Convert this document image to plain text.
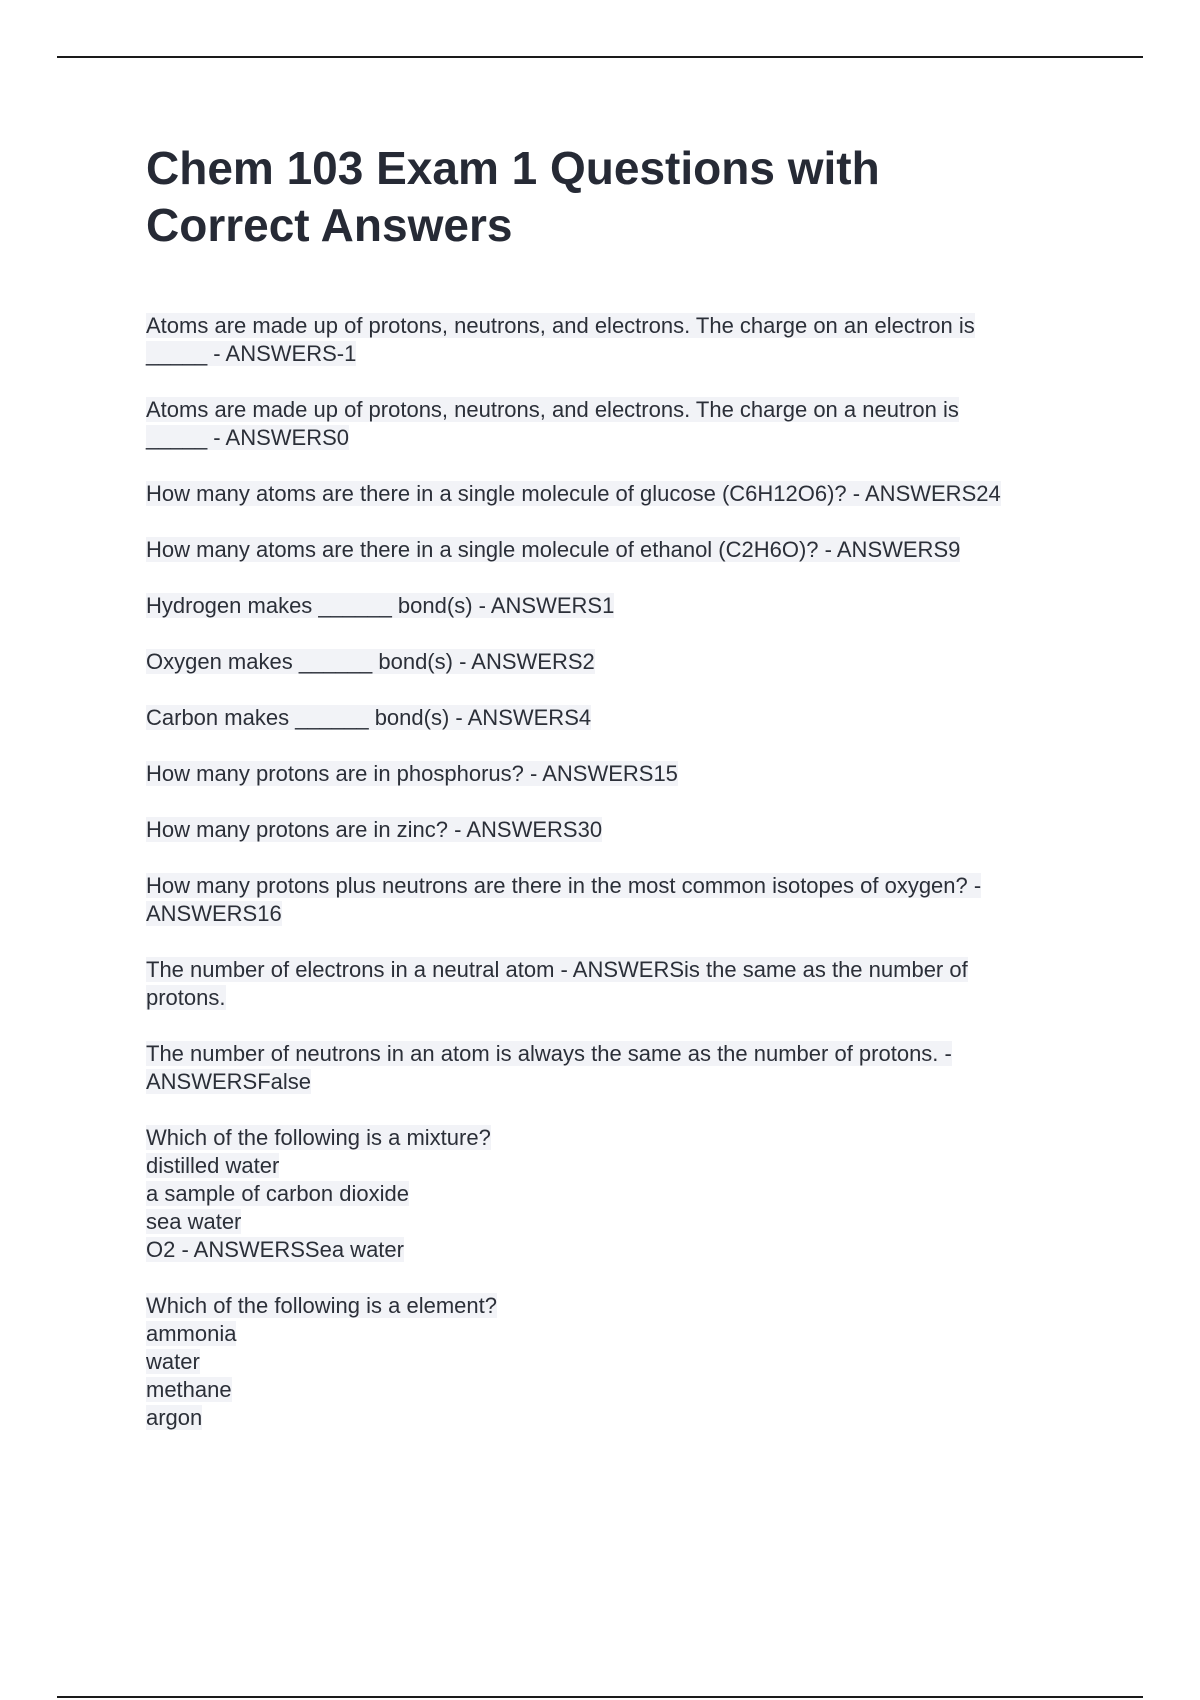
Chem 103 Exam 1 Questions with
Correct Answers
Atoms are made up of protons, neutrons, and electrons. The charge on an electron is
_____ - ANSWERS-1
Atoms are made up of protons, neutrons, and electrons. The charge on a neutron is
_____ - ANSWERS0
How many atoms are there in a single molecule of glucose (C6H12O6)? - ANSWERS24
How many atoms are there in a single molecule of ethanol (C2H6O)? - ANSWERS9
Hydrogen makes ______ bond(s) - ANSWERS1
Oxygen makes ______ bond(s) - ANSWERS2
Carbon makes ______ bond(s) - ANSWERS4
How many protons are in phosphorus? - ANSWERS15
How many protons are in zinc? - ANSWERS30
How many protons plus neutrons are there in the most common isotopes of oxygen? -
ANSWERS16
The number of electrons in a neutral atom - ANSWERSis the same as the number of
protons.
The number of neutrons in an atom is always the same as the number of protons. -
ANSWERSFalse
Which of the following is a mixture?
distilled water
a sample of carbon dioxide
sea water
O2 - ANSWERSSea water
Which of the following is a element?
ammonia
water
methane
argon
